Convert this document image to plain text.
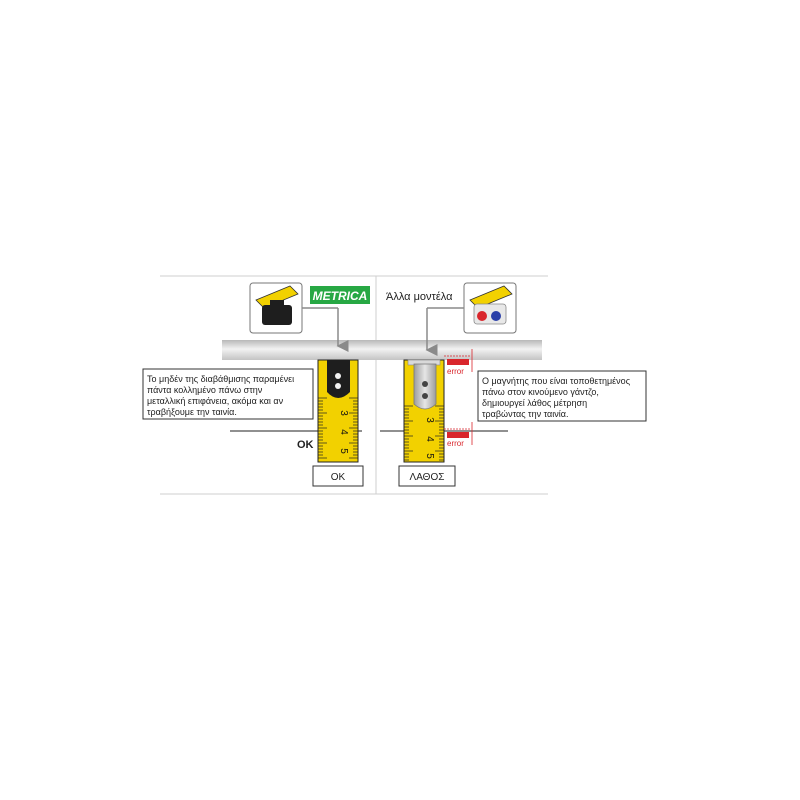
METRICA
3
4
5
Το μηδέν της διαβάθμισης παραμένει
πάντα κολλημένο πάνω στην
μεταλλική επιφάνεια, ακόμα και αν
τραβήξουμε την ταινία.
OK
OK
Άλλα μοντέλα
3
4
5
error
error
Ο μαγνήτης που είναι τοποθετημένος
πάνω στον κινούμενο γάντζο,
δημιουργεί λάθος μέτρηση
τραβώντας την ταινία.
ΛΑΘΟΣ
